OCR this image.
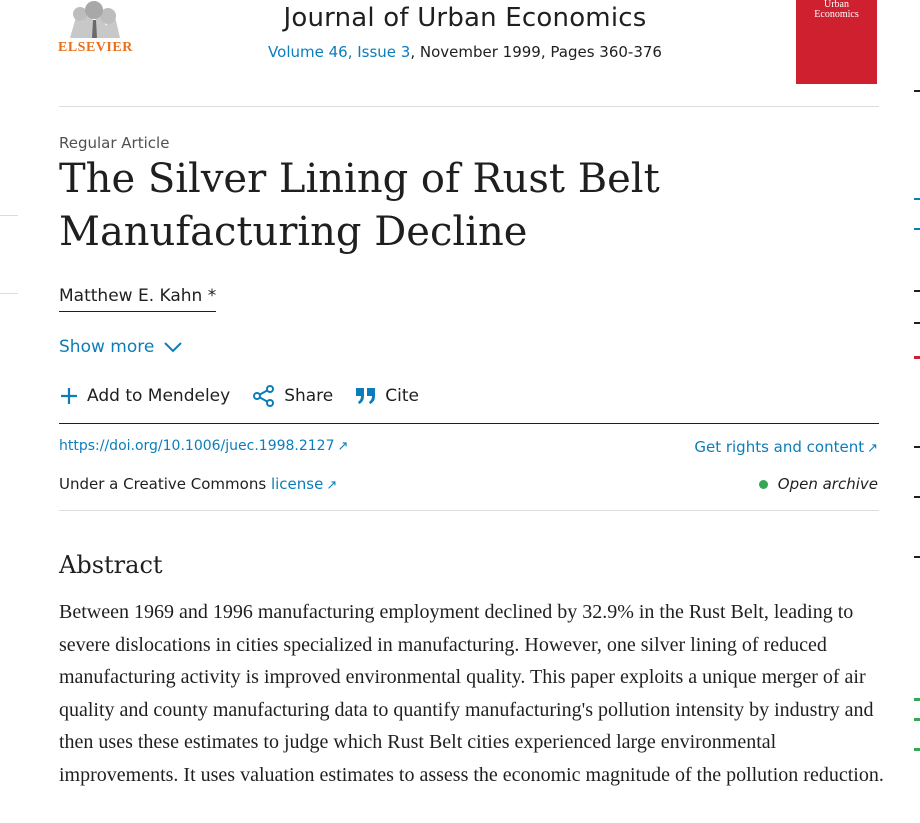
ELSEVIER
Journal of Urban Economics
Volume 46, Issue 3, November 1999, Pages 360-376
Urban
Economics
Regular Article
The Silver Lining of Rust Belt Manufacturing Decline
Matthew E. Kahn *
Show more
Add to Mendeley	Share	Cite
https://doi.org/10.1006/juec.1998.2127 ↗	Get rights and content ↗
Under a Creative Commons license ↗	Open archive
Abstract

Between 1969 and 1996 manufacturing employment declined by 32.9% in the Rust Belt, leading to severe dislocations in cities specialized in manufacturing. However, one silver lining of reduced manufacturing activity is improved environmental quality. This paper exploits a unique merger of air quality and county manufacturing data to quantify manufacturing's pollution intensity by industry and then uses these estimates to judge which Rust Belt cities experienced large environmental improvements. It uses valuation estimates to assess the economic magnitude of the pollution reduction.
